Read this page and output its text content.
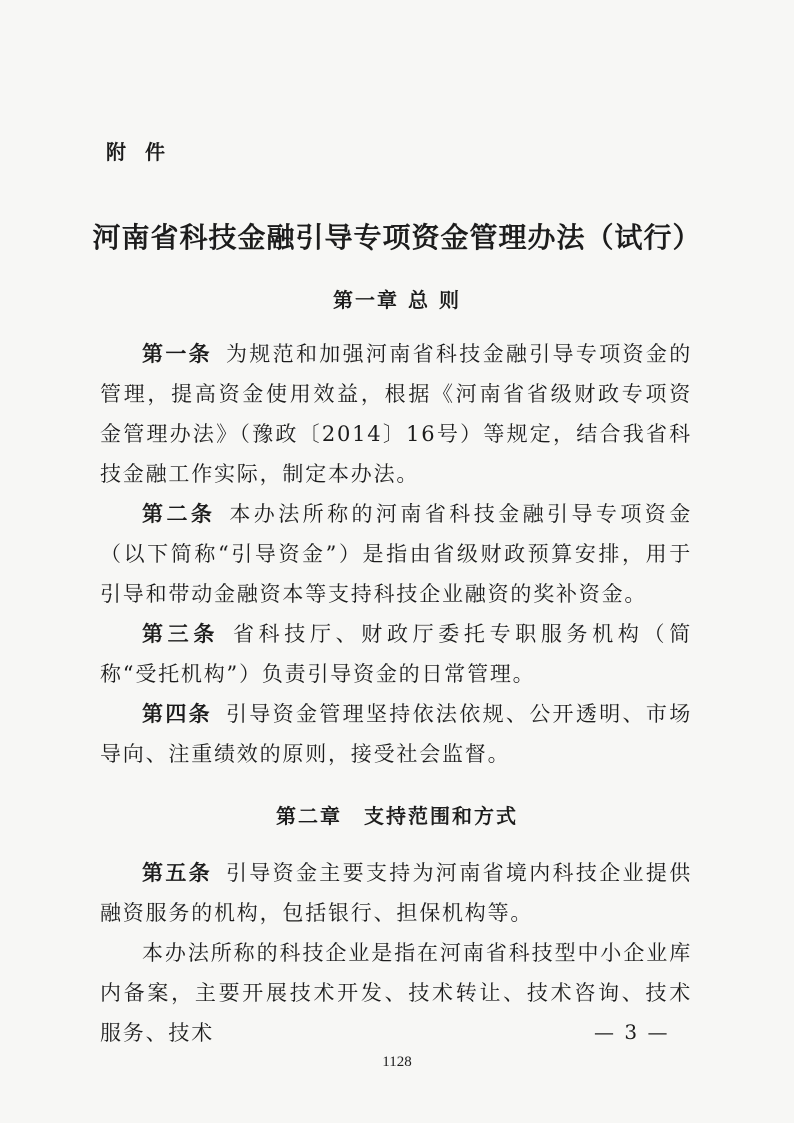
附 件
河南省科技金融引导专项资金管理办法（试行）
第一章 总 则
第一条 为规范和加强河南省科技金融引导专项资金的管理，提高资金使用效益，根据《河南省省级财政专项资金管理办法》（豫政〔2014〕16号）等规定，结合我省科技金融工作实际，制定本办法。
第二条 本办法所称的河南省科技金融引导专项资金（以下简称“引导资金”）是指由省级财政预算安排，用于引导和带动金融资本等支持科技企业融资的奖补资金。
第三条 省科技厅、财政厅委托专职服务机构（简称“受托机构”）负责引导资金的日常管理。
第四条 引导资金管理坚持依法依规、公开透明、市场导向、注重绩效的原则，接受社会监督。
第二章　支持范围和方式
第五条 引导资金主要支持为河南省境内科技企业提供融资服务的机构，包括银行、担保机构等。
本办法所称的科技企业是指在河南省科技型中小企业库内备案，主要开展技术开发、技术转让、技术咨询、技术服务、技术	— 3 —
1128
